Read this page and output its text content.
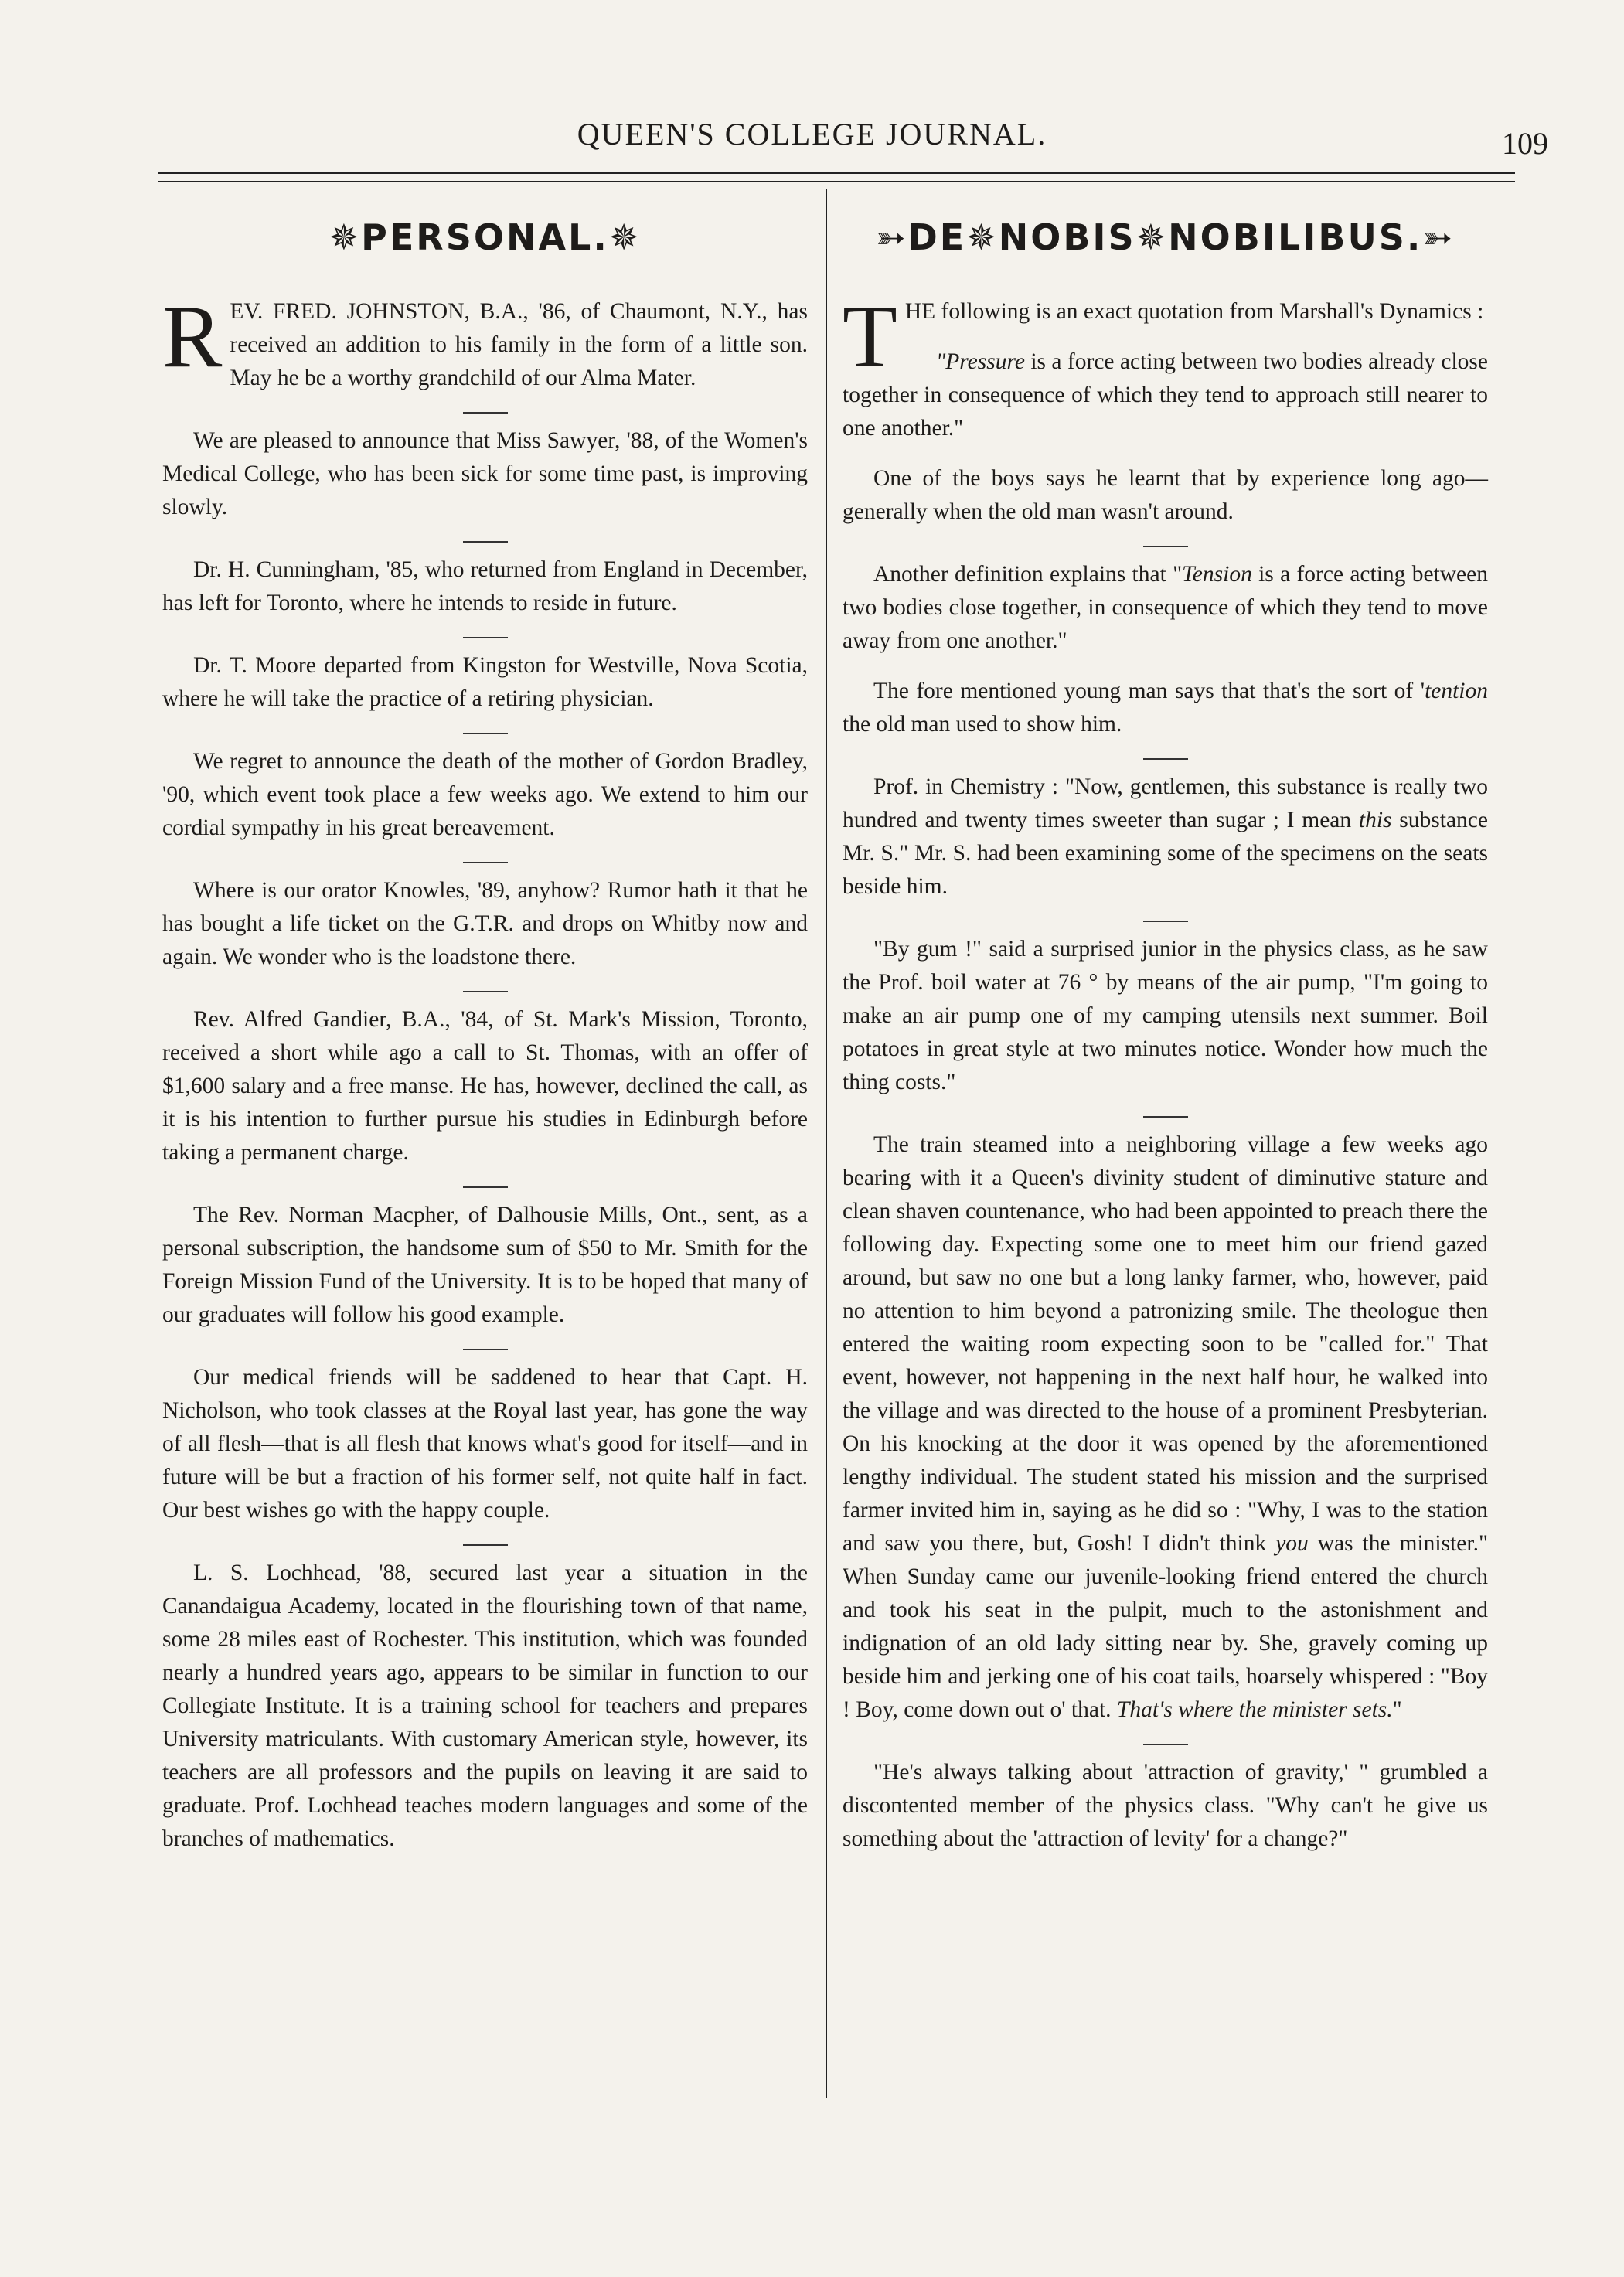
QUEEN'S COLLEGE JOURNAL.	109
✵PERSONAL.✵

REV. FRED. JOHNSTON, B.A., '86, of Chaumont, N.Y., has received an addition to his family in the form of a little son. May he be a worthy grandchild of our Alma Mater.

We are pleased to announce that Miss Sawyer, '88, of the Women's Medical College, who has been sick for some time past, is improving slowly.

Dr. H. Cunningham, '85, who returned from England in December, has left for Toronto, where he intends to reside in future.

Dr. T. Moore departed from Kingston for Westville, Nova Scotia, where he will take the practice of a retiring physician.

We regret to announce the death of the mother of Gordon Bradley, '90, which event took place a few weeks ago. We extend to him our cordial sympathy in his great bereavement.

Where is our orator Knowles, '89, anyhow? Rumor hath it that he has bought a life ticket on the G.T.R. and drops on Whitby now and again. We wonder who is the loadstone there.

Rev. Alfred Gandier, B.A., '84, of St. Mark's Mission, Toronto, received a short while ago a call to St. Thomas, with an offer of $1,600 salary and a free manse. He has, however, declined the call, as it is his intention to further pursue his studies in Edinburgh before taking a permanent charge.

The Rev. Norman Macpher, of Dalhousie Mills, Ont., sent, as a personal subscription, the handsome sum of $50 to Mr. Smith for the Foreign Mission Fund of the University. It is to be hoped that many of our graduates will follow his good example.

Our medical friends will be saddened to hear that Capt. H. Nicholson, who took classes at the Royal last year, has gone the way of all flesh—that is all flesh that knows what's good for itself—and in future will be but a fraction of his former self, not quite half in fact. Our best wishes go with the happy couple.

L. S. Lochhead, '88, secured last year a situation in the Canandaigua Academy, located in the flourishing town of that name, some 28 miles east of Rochester. This institution, which was founded nearly a hundred years ago, appears to be similar in function to our Collegiate Institute. It is a training school for teachers and prepares University matriculants. With customary American style, however, its teachers are all professors and the pupils on leaving it are said to graduate. Prof. Lochhead teaches modern languages and some of the branches of mathematics.

➳DE✵NOBIS✵NOBILIBUS.➳

THE following is an exact quotation from Marshall's Dynamics :

"Pressure is a force acting between two bodies already close together in consequence of which they tend to approach still nearer to one another."

One of the boys says he learnt that by experience long ago—generally when the old man wasn't around.

Another definition explains that "Tension is a force acting between two bodies close together, in consequence of which they tend to move away from one another."

The fore mentioned young man says that that's the sort of 'tention the old man used to show him.

Prof. in Chemistry : "Now, gentlemen, this substance is really two hundred and twenty times sweeter than sugar ; I mean this substance Mr. S." Mr. S. had been examining some of the specimens on the seats beside him.

"By gum !" said a surprised junior in the physics class, as he saw the Prof. boil water at 76 ° by means of the air pump, "I'm going to make an air pump one of my camping utensils next summer. Boil potatoes in great style at two minutes notice. Wonder how much the thing costs."

The train steamed into a neighboring village a few weeks ago bearing with it a Queen's divinity student of diminutive stature and clean shaven countenance, who had been appointed to preach there the following day. Expecting some one to meet him our friend gazed around, but saw no one but a long lanky farmer, who, however, paid no attention to him beyond a patronizing smile. The theologue then entered the waiting room expecting soon to be "called for." That event, however, not happening in the next half hour, he walked into the village and was directed to the house of a prominent Presbyterian. On his knocking at the door it was opened by the aforementioned lengthy individual. The student stated his mission and the surprised farmer invited him in, saying as he did so : "Why, I was to the station and saw you there, but, Gosh! I didn't think you was the minister." When Sunday came our juvenile-looking friend entered the church and took his seat in the pulpit, much to the astonishment and indignation of an old lady sitting near by. She, gravely coming up beside him and jerking one of his coat tails, hoarsely whispered : "Boy ! Boy, come down out o' that. That's where the minister sets."

"He's always talking about 'attraction of gravity,' " grumbled a discontented member of the physics class. "Why can't he give us something about the 'attraction of levity' for a change?"
